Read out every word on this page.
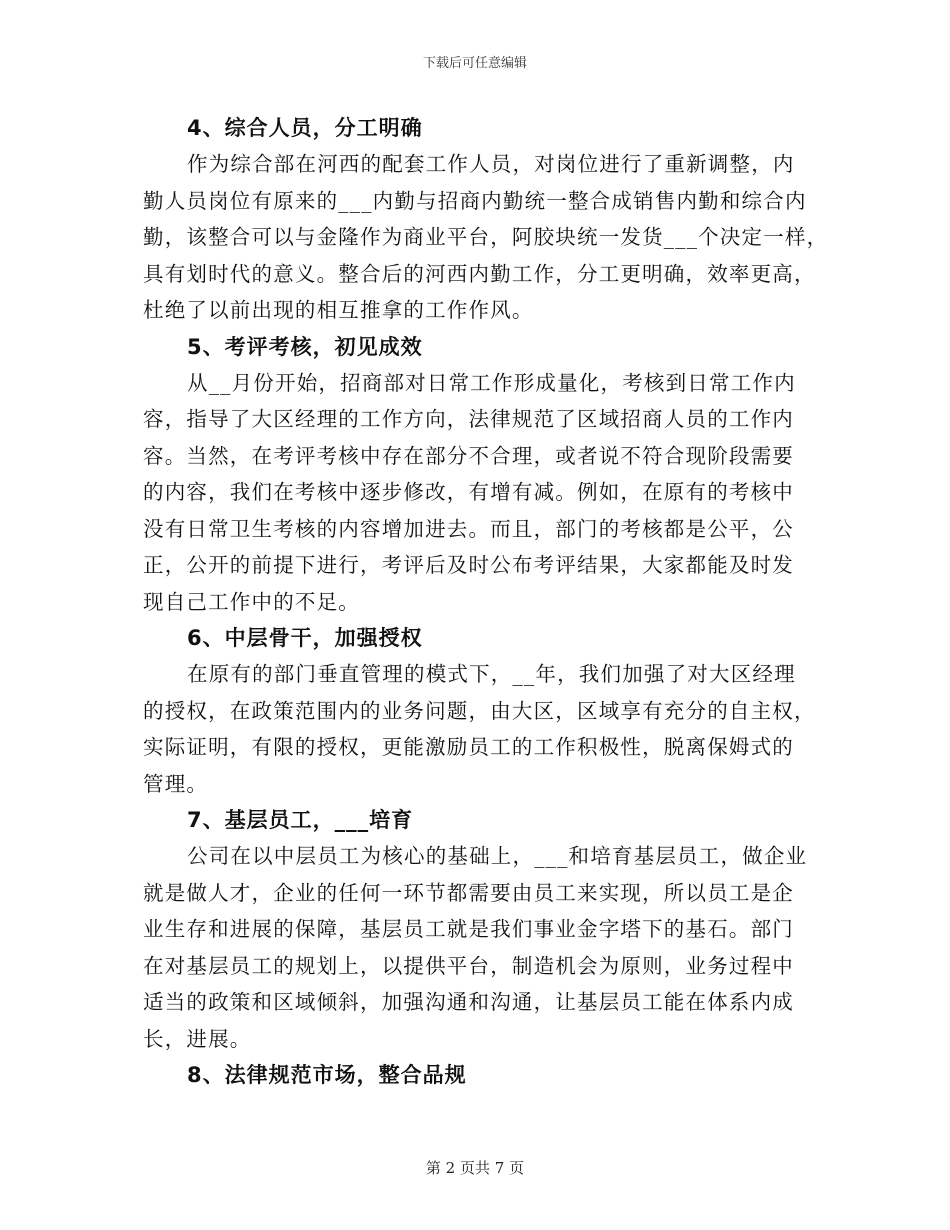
下载后可任意编辑
4、综合人员，分工明确
作为综合部在河西的配套工作人员，对岗位进行了重新调整，内
勤人员岗位有原来的___内勤与招商内勤统一整合成销售内勤和综合内
勤，该整合可以与金隆作为商业平台，阿胶块统一发货___个决定一样，
具有划时代的意义。整合后的河西内勤工作，分工更明确，效率更高，
杜绝了以前出现的相互推拿的工作作风。
5、考评考核，初见成效
从__月份开始，招商部对日常工作形成量化，考核到日常工作内
容，指导了大区经理的工作方向，法律规范了区域招商人员的工作内
容。当然，在考评考核中存在部分不合理，或者说不符合现阶段需要
的内容，我们在考核中逐步修改，有增有减。例如，在原有的考核中
没有日常卫生考核的内容增加进去。而且，部门的考核都是公平，公
正，公开的前提下进行，考评后及时公布考评结果，大家都能及时发
现自己工作中的不足。
6、中层骨干，加强授权
在原有的部门垂直管理的模式下，__年，我们加强了对大区经理
的授权，在政策范围内的业务问题，由大区，区域享有充分的自主权，
实际证明，有限的授权，更能激励员工的工作积极性，脱离保姆式的
管理。
7、基层员工，___培育
公司在以中层员工为核心的基础上，___和培育基层员工，做企业
就是做人才，企业的任何一环节都需要由员工来实现，所以员工是企
业生存和进展的保障，基层员工就是我们事业金字塔下的基石。部门
在对基层员工的规划上，以提供平台，制造机会为原则，业务过程中
适当的政策和区域倾斜，加强沟通和沟通，让基层员工能在体系内成
长，进展。
8、法律规范市场，整合品规
第 2 页共 7 页
